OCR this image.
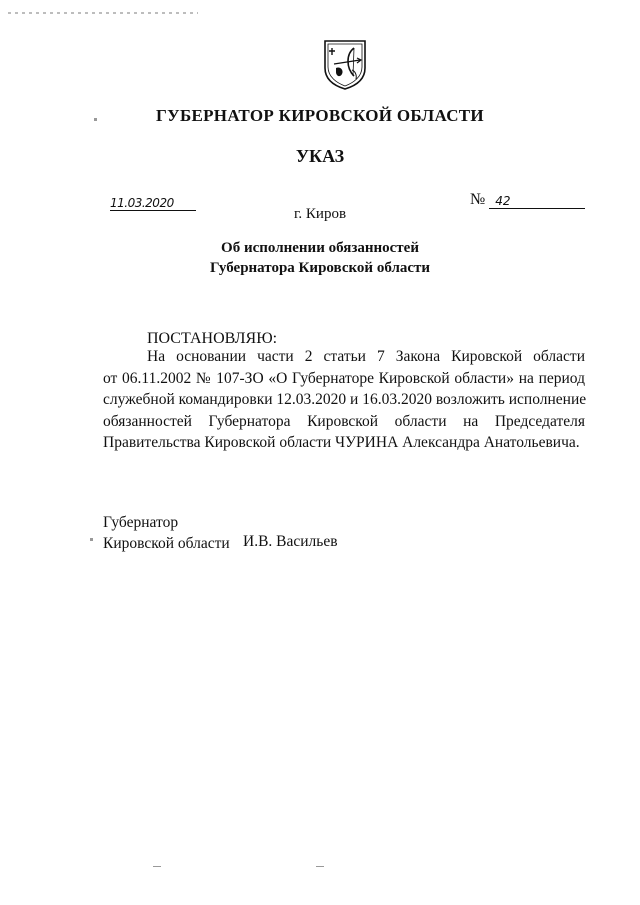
ГУБЕРНАТОР КИРОВСКОЙ ОБЛАСТИ
УКАЗ
11.03.2020	№ 42
г. Киров
Об исполнении обязанностей
Губернатора Кировской области
ПОСТАНОВЛЯЮ:
На основании части 2 статьи 7 Закона Кировской области
от 06.11.2002 № 107-ЗО «О Губернаторе Кировской области» на период
служебной командировки 12.03.2020 и 16.03.2020 возложить исполнение
обязанностей Губернатора Кировской области на Председателя
Правительства Кировской области ЧУРИНА Александра Анатольевича.
Губернатор
Кировской области И.В. Васильев
